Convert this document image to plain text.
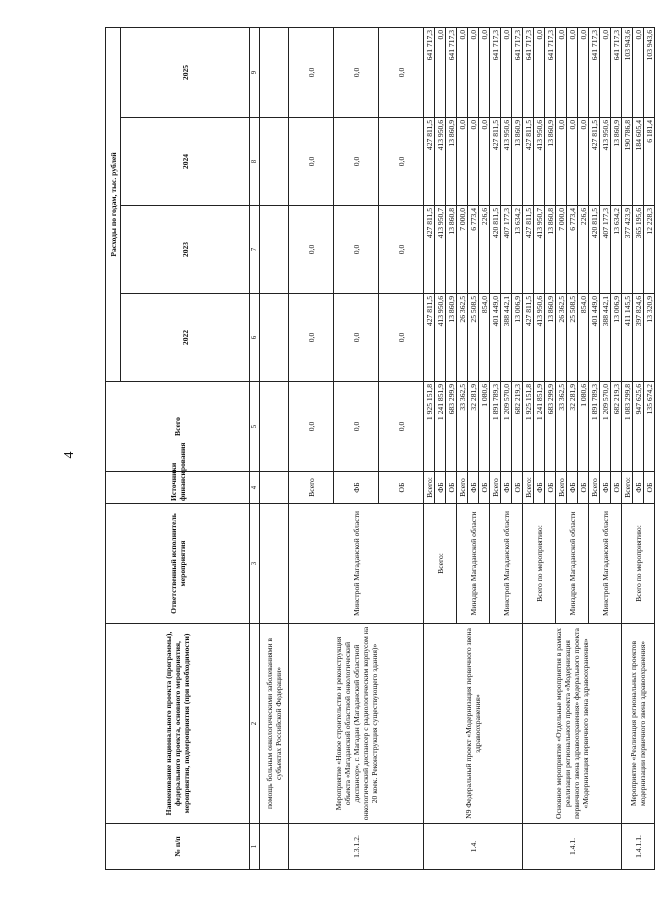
4
№ п/п	Наименование национального проекта (программы), федерального проекта, основного мероприятия, мероприятия, подмероприятия (при необходимости)	Ответственный исполнитель мероприятия	Источники финансирования	Всего	Расходы по годам, тыс. рублей			
					2022	2023	2024	2025
1	2	3	4	5	6	7	8	9
	помощь больным онкологическими заболеваниями в субъектах Российской Федерации»							
1.3.1.2.	Мероприятие «Новое строительство и реконструкция объекта «Магаданский областной онкологический диспансер», г. Магадан (Магаданский областной онкологический диспансер с радиологическим корпусом на 20 коек. Реконструкция существующего здания)»	Минстрой Магаданской области	Всего	0,0	0,0	0,0	0,0	0,0
			ФБ	0,0	0,0	0,0	0,0	0,0
			ОБ	0,0	0,0	0,0	0,0	0,0
1.4.	N9 Федеральный проект «Модернизация первичного звена здравоохранения»	Всего:	Всего:	1 925 151,8	427 811,5	427 811,5	427 811,5	641 717,3
			ФБ	1 241 851,9	413 950,6	413 950,7	413 950,6	0,0
			ОБ	683 299,9	13 860,9	13 860,8	13 860,9	641 717,3
		Минздрав Магаданской области	Всего	33 362,5	26 362,5	7 000,0	0,0	0,0
			ФБ	32 281,9	25 508,5	6 773,4	0,0	0,0
			ОБ	1 080,6	854,0	226,6	0,0	0,0
		Минстрой Магаданской области	Всего	1 891 789,3	401 449,0	420 811,5	427 811,5	641 717,3
			ФБ	1 209 570,0	388 442,1	407 177,3	413 950,6	0,0
			ОБ	682 219,3	13 006,9	13 634,2	13 860,9	641 717,3
1.4.1.	Основное мероприятие «Отдельные мероприятия в рамках реализации регионального проекта «Модернизация первичного звена здравоохранения» федерального проекта «Модернизация первичного звена здравоохранения»	Всего по мероприятию:	Всего:	1 925 151,8	427 811,5	427 811,5	427 811,5	641 717,3
			ФБ	1 241 851,9	413 950,6	413 950,7	413 950,6	0,0
			ОБ	683 299,9	13 860,9	13 860,8	13 860,9	641 717,3
		Минздрав Магаданской области	Всего	33 362,5	26 362,5	7 000,0	0,0	0,0
			ФБ	32 281,9	25 508,5	6 773,4	0,0	0,0
			ОБ	1 080,6	854,0	226,6	0,0	0,0
		Минстрой Магаданской области	Всего	1 891 789,3	401 449,0	420 811,5	427 811,5	641 717,3
			ФБ	1 209 570,0	388 442,1	407 177,3	413 950,6	0,0
			ОБ	682 219,3	13 006,9	13 634,2	13 860,9	641 717,3
1.4.1.1.	Мероприятие «Реализация региональных проектов модернизации первичного звена здравоохранения»	Всего по мероприятию:	Всего:	1 083 299,8	411 145,5	377 423,9	190 786,8	103 943,6
			ФБ	947 625,6	397 824,6	365 195,6	184 605,4	0,0
			ОБ	135 674,2	13 320,9	12 228,3	6 181,4	103 943,6
